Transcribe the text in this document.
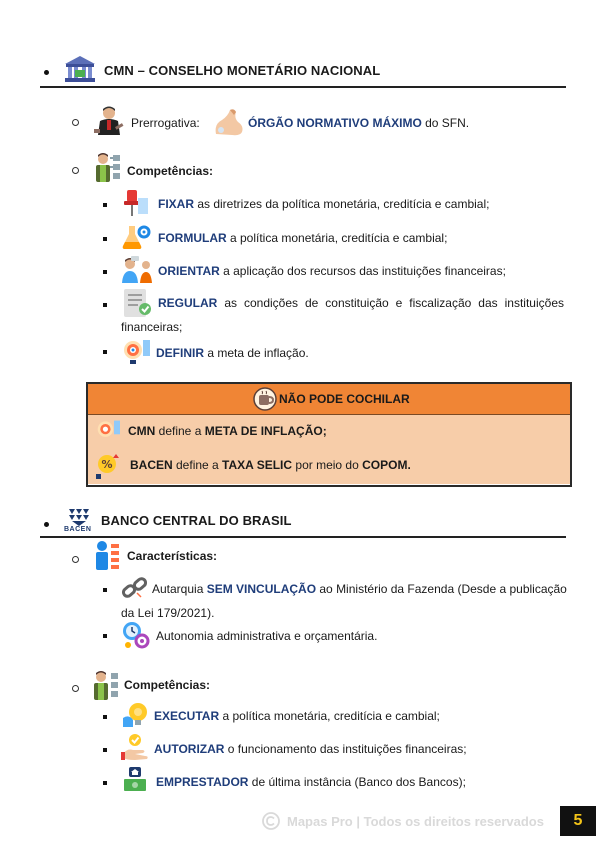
CMN – CONSELHO MONETÁRIO NACIONAL
Prerrogativa:	ÓRGÃO NORMATIVO MÁXIMO do SFN.
Competências:
FIXAR as diretrizes da política monetária, creditícia e cambial;
FORMULAR a política monetária, creditícia e cambial;
ORIENTAR a aplicação dos recursos das instituições financeiras;
REGULAR as condições de constituição e fiscalização das instituições
financeiras;
DEFINIR a meta de inflação.
NÃO PODE COCHILAR
CMN define a META DE INFLAÇÃO;
% BACEN define a TAXA SELIC por meio do COPOM.
BACEN
BANCO CENTRAL DO BRASIL
Características:
Autarquia SEM VINCULAÇÃO ao Ministério da Fazenda (Desde a publicação
da Lei 179/2021).
Autonomia administrativa e orçamentária.
Competências:
EXECUTAR a política monetária, creditícia e cambial;
AUTORIZAR o funcionamento das instituições financeiras;
EMPRESTADOR de última instância (Banco dos Bancos);
Mapas Pro | Todos os direitos reservados	5
